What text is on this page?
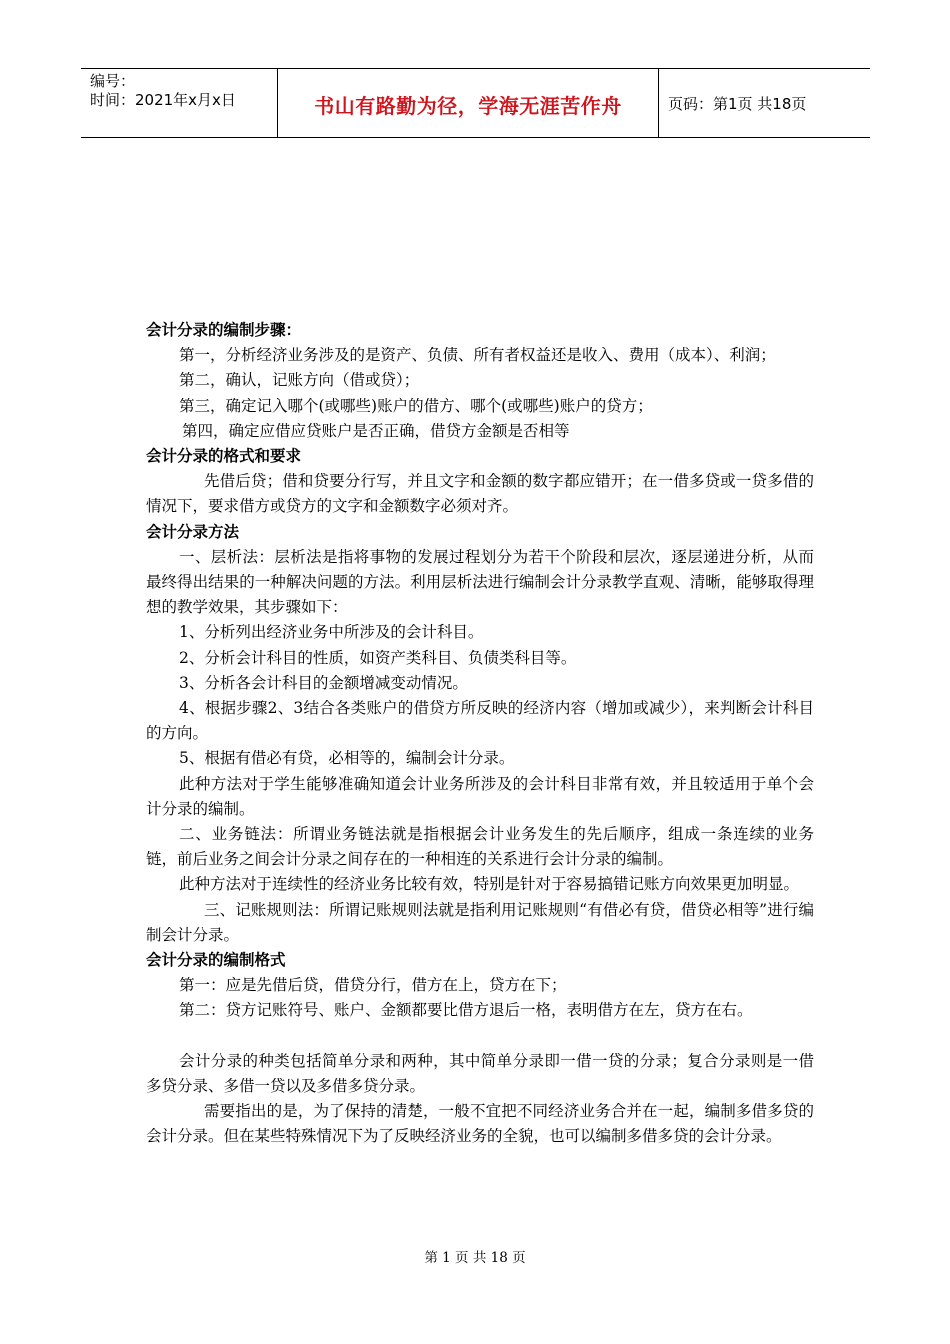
编号：
时间：2021年x月x日	书山有路勤为径，学海无涯苦作舟	页码：第1页 共18页

会计分录的编制步骤：

第一，分析经济业务涉及的是资产、负债、所有者权益还是收入、费用（成本）、利润；

第二，确认，记账方向（借或贷）；

第三，确定记入哪个(或哪些)账户的借方、哪个(或哪些)账户的贷方；

第四，确定应借应贷账户是否正确，借贷方金额是否相等

会计分录的格式和要求

先借后贷；借和贷要分行写，并且文字和金额的数字都应错开；在一借多贷或一贷多借的情况下，要求借方或贷方的文字和金额数字必须对齐。

会计分录方法

一、层析法：层析法是指将事物的发展过程划分为若干个阶段和层次，逐层递进分析，从而最终得出结果的一种解决问题的方法。利用层析法进行编制会计分录教学直观、清晰，能够取得理想的教学效果，其步骤如下：

1、分析列出经济业务中所涉及的会计科目。

2、分析会计科目的性质，如资产类科目、负债类科目等。

3、分析各会计科目的金额增减变动情况。

4、根据步骤2、3结合各类账户的借贷方所反映的经济内容（增加或减少），来判断会计科目的方向。

5、根据有借必有贷，必相等的，编制会计分录。

此种方法对于学生能够准确知道会计业务所涉及的会计科目非常有效，并且较适用于单个会计分录的编制。

二、业务链法：所谓业务链法就是指根据会计业务发生的先后顺序，组成一条连续的业务链，前后业务之间会计分录之间存在的一种相连的关系进行会计分录的编制。

此种方法对于连续性的经济业务比较有效，特别是针对于容易搞错记账方向效果更加明显。

三、记账规则法：所谓记账规则法就是指利用记账规则“有借必有贷，借贷必相等”进行编制会计分录。

会计分录的编制格式

第一：应是先借后贷，借贷分行，借方在上，贷方在下；

第二：贷方记账符号、账户、金额都要比借方退后一格，表明借方在左，贷方在右。

会计分录的种类包括简单分录和两种，其中简单分录即一借一贷的分录；复合分录则是一借多贷分录、多借一贷以及多借多贷分录。

需要指出的是，为了保持的清楚，一般不宜把不同经济业务合并在一起，编制多借多贷的会计分录。但在某些特殊情况下为了反映经济业务的全貌，也可以编制多借多贷的会计分录。

第 1 页 共 18 页
